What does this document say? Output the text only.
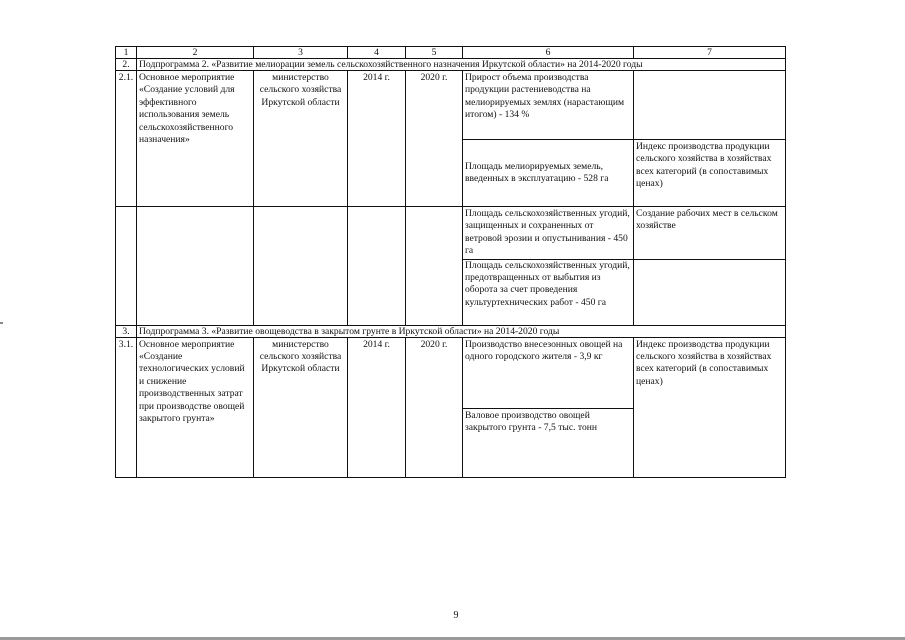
1	2	3	4	5	6	7
2.	Подпрограмма 2. «Развитие мелиорации земель сельскохозяйственного назначения Иркутской области» на 2014-2020 годы					
2.1.	Основное мероприятие «Создание условий для эффективного использования земель сельскохозяйственного назначения»	министерство сельского хозяйства Иркутской области	2014 г.	2020 г.	Прирост объема производства продукции растениеводства на мелиорируемых землях (нарастающим итогом) - 134 %	
					Площадь мелиорируемых земель, введенных в эксплуатацию - 528 га	Индекс производства продукции сельского хозяйства в хозяйствах всех категорий (в сопоставимых ценах)
					Площадь сельскохозяйственных угодий, защищенных и сохраненных от ветровой эрозии и опустынивания - 450 га	Создание рабочих мест в сельском хозяйстве
					Площадь сельскохозяйственных угодий, предотвращенных от выбытия из оборота за счет проведения культуртехнических работ - 450 га	
3.	Подпрограмма 3. «Развитие овощеводства в закрытом грунте в Иркутской области» на 2014-2020 годы					
3.1.	Основное мероприятие «Создание технологических условий и снижение производственных затрат при производстве овощей закрытого грунта»	министерство сельского хозяйства Иркутской области	2014 г.	2020 г.	Производство внесезонных овощей на одного городского жителя - 3,9 кг	Индекс производства продукции сельского хозяйства в хозяйствах всех категорий (в сопоставимых ценах)
					Валовое производство овощей закрытого грунта - 7,5 тыс. тонн	
9
